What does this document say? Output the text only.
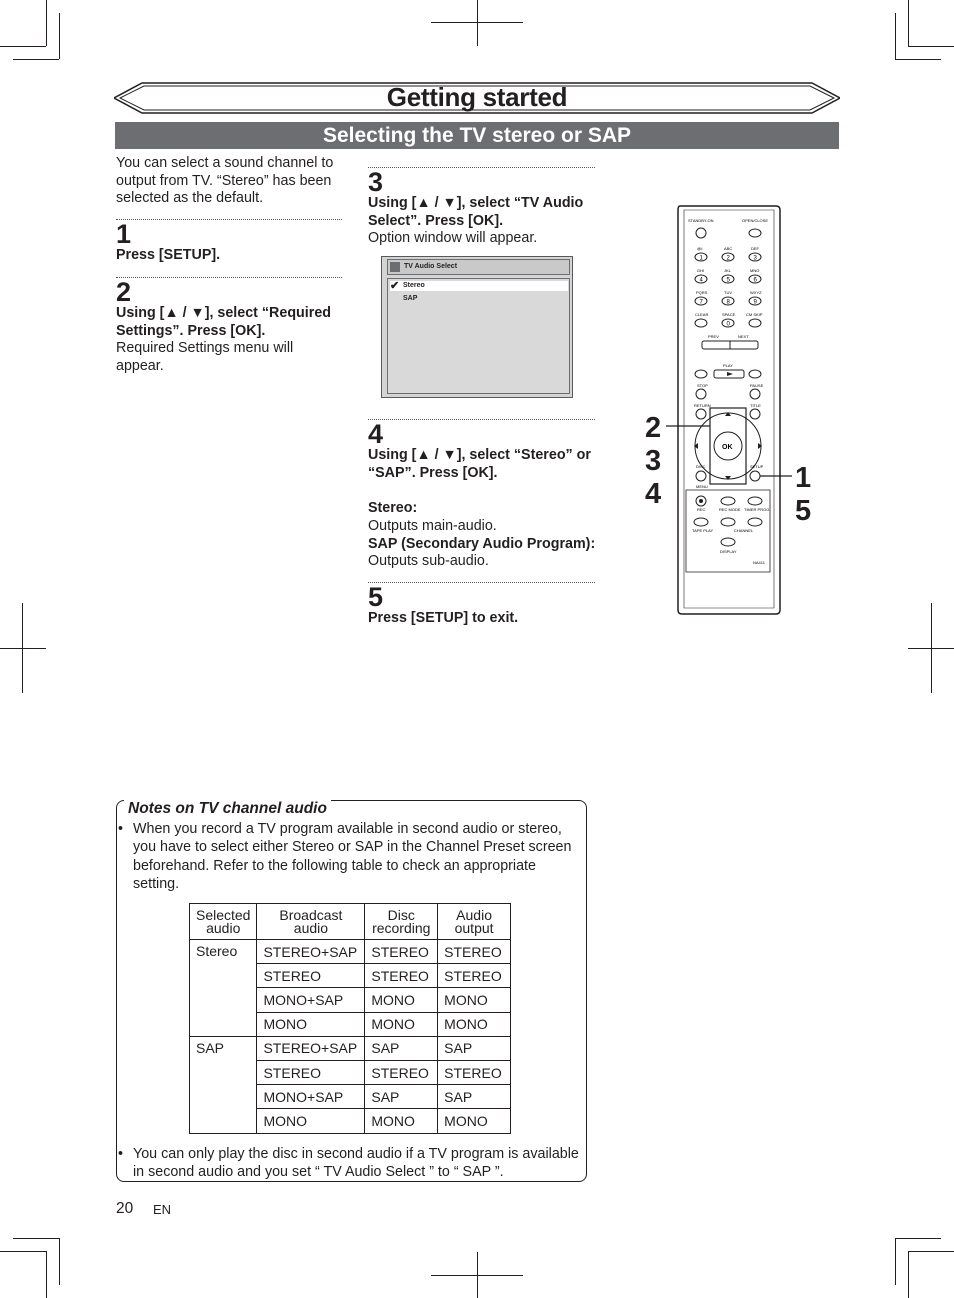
Getting started
Selecting the TV stereo or SAP
You can select a sound channel to output from TV. “Stereo” has been selected as the default.
1
Press [SETUP].
2
Using [▲ / ▼], select “Required Settings”. Press [OK].
Required Settings menu will appear.
3
Using [▲ / ▼], select “TV Audio Select”. Press [OK].
Option window will appear.
TV Audio Select
✔ Stereo
SAP
4
Using [▲ / ▼], select “Stereo” or “SAP”. Press [OK].

Stereo:
Outputs main-audio.
SAP (Secondary Audio Program):
Outputs sub-audio.
5
Press [SETUP] to exit.
STANDBY-ON	OPEN/CLOSE
@/:	ABC	DEF
1	2	3
GHI	JKL	MNO
4	5	6
PQRS	TUV	WXYZ
7	8	9
CLEAR	SPACE	CM SKIP
0
PREV	NEXT
PLAY
STOP	PAUSE
RETURN	TITLE
OK
DISC	SETUP
MENU
REC	REC MODE TIMER PROG.
TAPE PLAY	CHANNEL
DISPLAY
NA411
2
3
4	1
5
Notes on TV channel audio
• When you record a TV program available in second audio or stereo, you have to select either Stereo or SAP in the Channel Preset screen beforehand. Refer to the following table to check an appropriate setting.
Selected audio	Broadcast audio	Disc recording	Audio output
Stereo	STEREO+SAP	STEREO	STEREO
	STEREO	STEREO	STEREO
	MONO+SAP	MONO	MONO
	MONO	MONO	MONO
SAP	STEREO+SAP	SAP	SAP
	STEREO	STEREO	STEREO
	MONO+SAP	SAP	SAP
	MONO	MONO	MONO
• You can only play the disc in second audio if a TV program is available in second audio and you set “ TV Audio Select ” to “ SAP ”.
20 EN
